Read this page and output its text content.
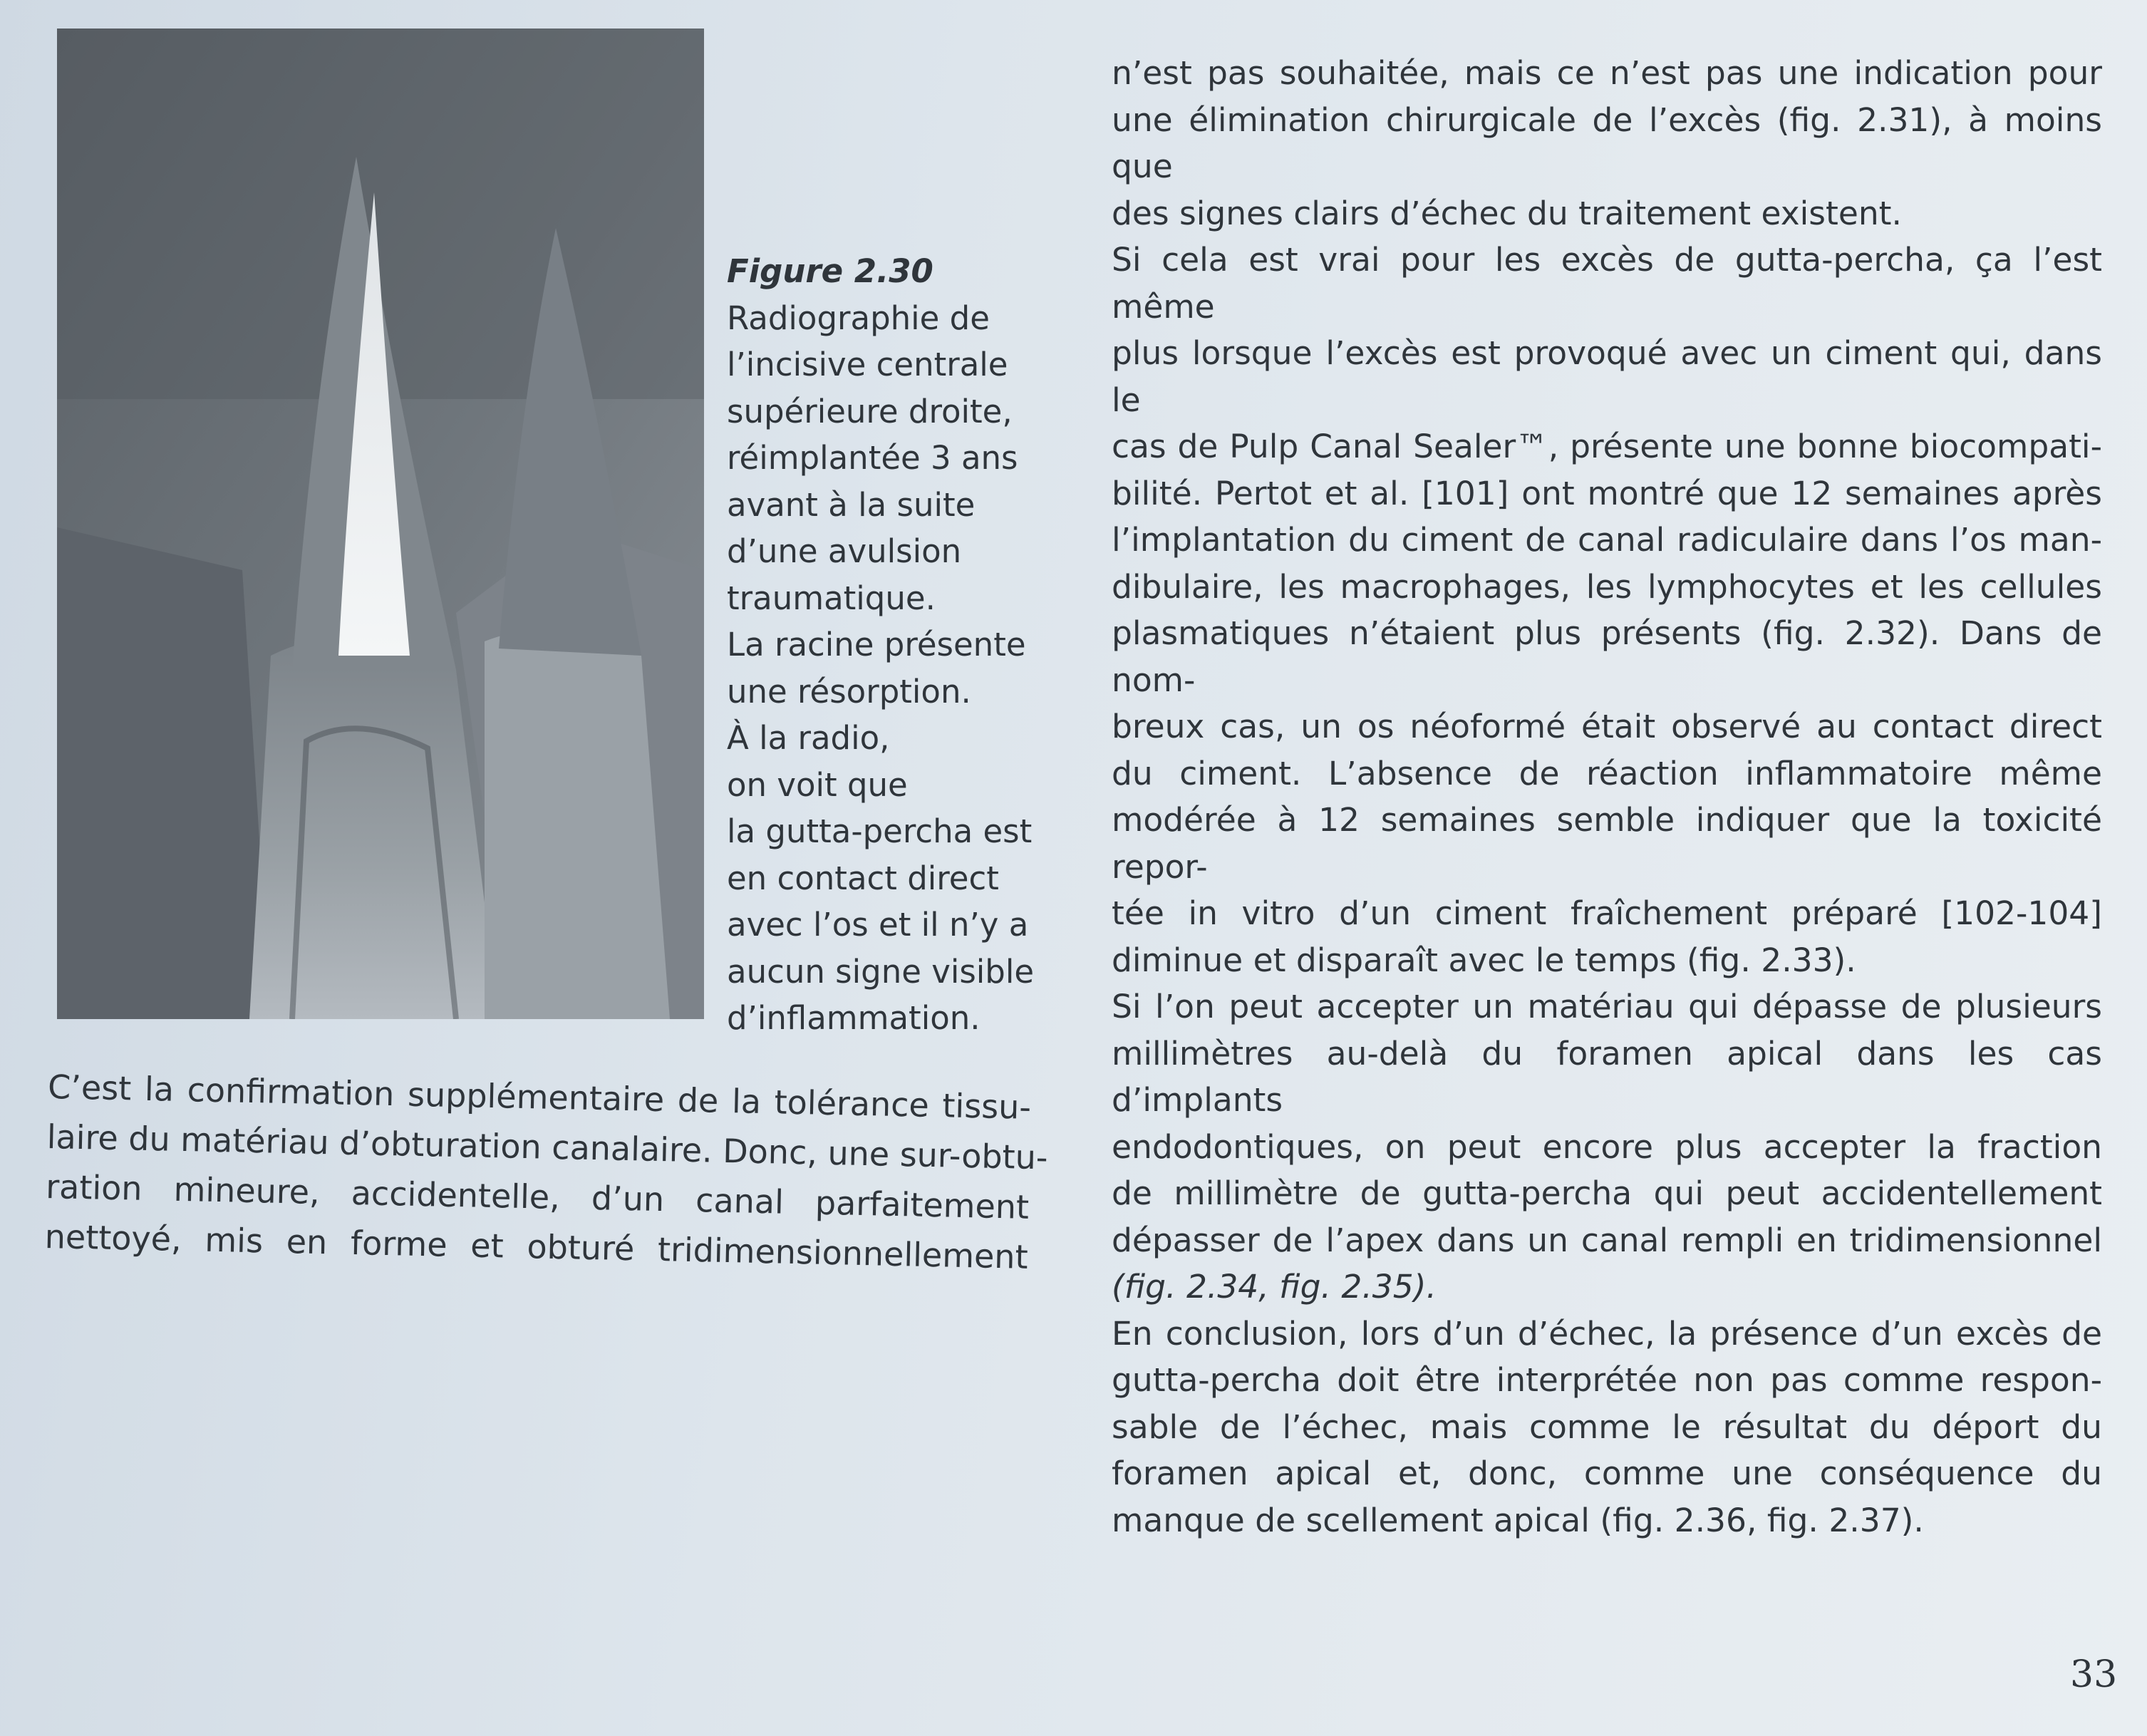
Figure 2.30
Radiographie de
l’incisive centrale
supérieure droite,
réimplantée 3 ans
avant à la suite
d’une avulsion
traumatique.
La racine présente
une résorption.
À la radio,
on voit que
la gutta-percha est
en contact direct
avec l’os et il n’y a
aucun signe visible
d’inflammation.
C’est la confirmation supplémentaire de la tolérance tissu-
laire du matériau d’obturation canalaire. Donc, une sur-obtu-
ration mineure, accidentelle, d’un canal parfaitement
nettoyé, mis en forme et obturé tridimensionnellement
n’est pas souhaitée, mais ce n’est pas une indication pour
une élimination chirurgicale de l’excès (fig. 2.31), à moins que
des signes clairs d’échec du traitement existent.
Si cela est vrai pour les excès de gutta-percha, ça l’est même
plus lorsque l’excès est provoqué avec un ciment qui, dans le
cas de Pulp Canal Sealer™, présente une bonne biocompati-
bilité. Pertot et al. [101] ont montré que 12 semaines après
l’implantation du ciment de canal radiculaire dans l’os man-
dibulaire, les macrophages, les lymphocytes et les cellules
plasmatiques n’étaient plus présents (fig. 2.32). Dans de nom-
breux cas, un os néoformé était observé au contact direct
du ciment. L’absence de réaction inflammatoire même
modérée à 12 semaines semble indiquer que la toxicité repor-
tée in vitro d’un ciment fraîchement préparé [102-104]
diminue et disparaît avec le temps (fig. 2.33).
Si l’on peut accepter un matériau qui dépasse de plusieurs
millimètres au-delà du foramen apical dans les cas d’implants
endodontiques, on peut encore plus accepter la fraction
de millimètre de gutta-percha qui peut accidentellement
dépasser de l’apex dans un canal rempli en tridimensionnel
(fig. 2.34, fig. 2.35).
En conclusion, lors d’un d’échec, la présence d’un excès de
gutta-percha doit être interprétée non pas comme respon-
sable de l’échec, mais comme le résultat du déport du
foramen apical et, donc, comme une conséquence du
manque de scellement apical (fig. 2.36, fig. 2.37).
33
